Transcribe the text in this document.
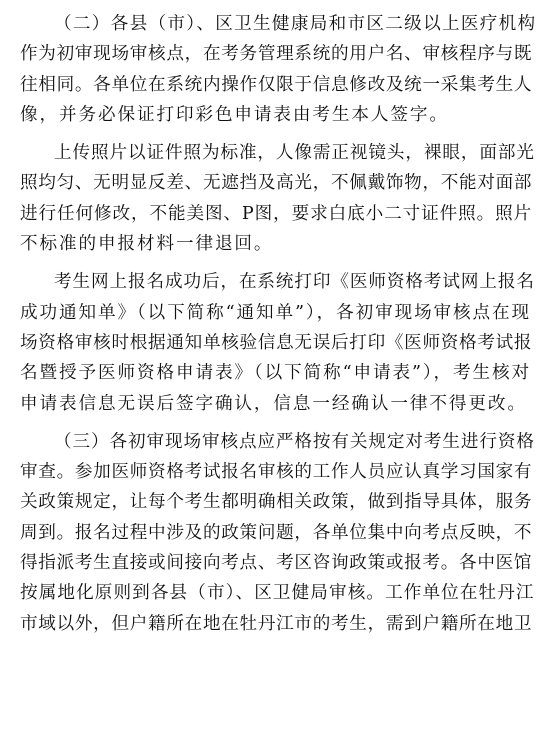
（二）各县（市）、区卫生健康局和市区二级以上医疗机构
作为初审现场审核点，在考务管理系统的用户名、审核程序与既
往相同。各单位在系统内操作仅限于信息修改及统一采集考生人
像，并务必保证打印彩色申请表由考生本人签字。
上传照片以证件照为标准，人像需正视镜头，裸眼，面部光
照均匀、无明显反差、无遮挡及高光，不佩戴饰物，不能对面部
进行任何修改，不能美图、P图，要求白底小二寸证件照。照片
不标准的申报材料一律退回。
考生网上报名成功后，在系统打印《医师资格考试网上报名
成功通知单》（以下简称“通知单”），各初审现场审核点在现
场资格审核时根据通知单核验信息无误后打印《医师资格考试报
名暨授予医师资格申请表》（以下简称“申请表”），考生核对
申请表信息无误后签字确认，信息一经确认一律不得更改。
（三）各初审现场审核点应严格按有关规定对考生进行资格
审查。参加医师资格考试报名审核的工作人员应认真学习国家有
关政策规定，让每个考生都明确相关政策，做到指导具体，服务
周到。报名过程中涉及的政策问题，各单位集中向考点反映，不
得指派考生直接或间接向考点、考区咨询政策或报考。各中医馆
按属地化原则到各县（市）、区卫健局审核。工作单位在牡丹江
市域以外，但户籍所在地在牡丹江市的考生，需到户籍所在地卫
